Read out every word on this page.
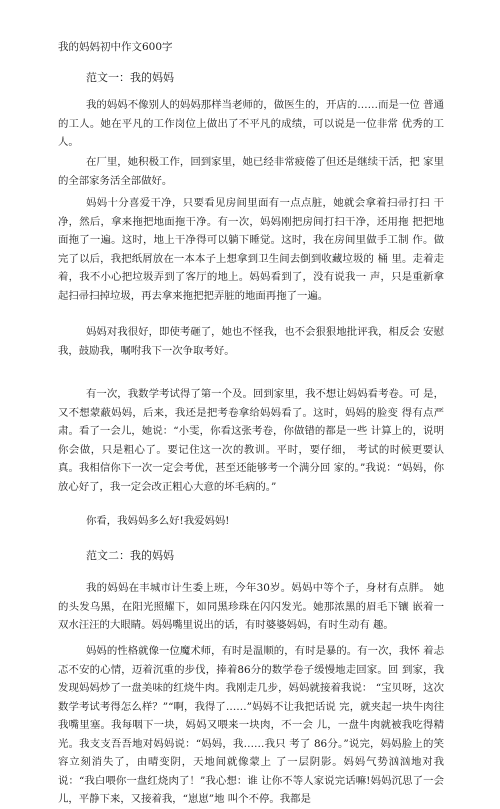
我的妈妈初中作文600字
范文一：我的妈妈

我的妈妈不像别人的妈妈那样当老师的，做医生的，开店的……而是一位 普通的工人。她在平凡的工作岗位上做出了不平凡的成绩，可以说是一位非常 优秀的工人。

在厂里，她积极工作，回到家里，她已经非常疲倦了但还是继续干活，把 家里的全部家务活全部做好。

妈妈十分喜爱干净，只要看见房间里面有一点点脏，她就会拿着扫帚打扫 干净，然后，拿来拖把地面拖干净。有一次，妈妈刚把房间打扫干净，还用拖 把把地面拖了一遍。这时，地上干净得可以躺下睡觉。这时，我在房间里做手工制 作。做完了以后，我把纸屑放在一本本子上想拿到卫生间去倒到收藏垃圾的 桶 里。走着走着，我不小心把垃圾弄到了客厅的地上。妈妈看到了，没有说我一 声，只是重新拿起扫帚扫掉垃圾，再去拿来拖把把弄脏的地面再拖了一遍。

妈妈对我很好，即使考砸了，她也不怪我，也不会狠狠地批评我，相反会 安慰我，鼓励我，嘱咐我下一次争取考好。

有一次，我数学考试得了第一个及。回到家里，我不想让妈妈看考卷。可 是，又不想蒙蔽妈妈，后来，我还是把考卷拿给妈妈看了。这时，妈妈的脸变 得有点严肃。看了一会儿，她说：“小雯，你看这张考卷，你做错的都是一些 计算上的，说明你会做，只是粗心了。要记住这一次的教训。平时，要仔细， 考试的时候更要认真。我相信你下一次一定会考优，甚至还能够考一个满分回 家的。”我说：“妈妈，你放心好了，我一定会改正粗心大意的坏毛病的。”

你看，我妈妈多么好!我爱妈妈!

范文二：我的妈妈

我的妈妈在丰城市计生委上班，今年30岁。妈妈中等个子，身材有点胖。 她的头发乌黑，在阳光照耀下，如同黑珍珠在闪闪发光。她那浓黑的眉毛下镶 嵌着一双水汪汪的大眼睛。妈妈嘴里说出的话，有时婆婆妈妈，有时生动有 趣。

妈妈的性格就像一位魔术师，有时是温顺的，有时是暴的。有一次，我怀 着忐忑不安的心情，迈着沉重的步伐，捧着86分的数学卷子缓慢地走回家。回 到家，我发现妈妈炒了一盘美味的红烧牛肉。我刚走几步，妈妈就接着我说： “宝贝呀，这次数学考试考得怎么样？”“啊，我得了……”妈妈不让我把话说 完，就夹起一块牛肉往我嘴里塞。我每咽下一块，妈妈又喂来一块肉，不一会 儿，一盘牛肉就被我吃得精光。我支支吾吾地对妈妈说：“妈妈，我……我只 考了 86分。”说完，妈妈脸上的笑容立刻消失了，由晴变阴，天地间就像蒙上 了一层阴影。妈妈气势汹汹地对我说：“我白喂你一盘红烧肉了！”我心想：谁 让你不等人家说完话嘛!妈妈沉思了一会儿，平静下来，又接着我，“崽崽”地 叫个不停。我都是
